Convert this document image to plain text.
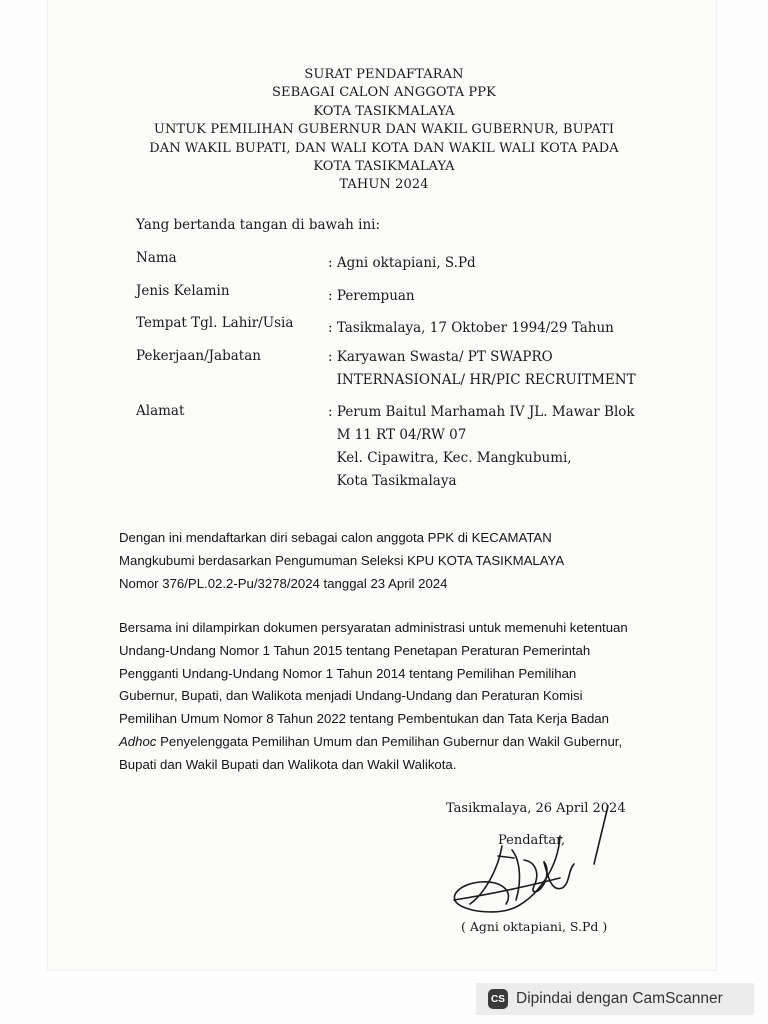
SURAT PENDAFTARAN
SEBAGAI CALON ANGGOTA PPK
KOTA TASIKMALAYA
UNTUK PEMILIHAN GUBERNUR DAN WAKIL GUBERNUR, BUPATI
DAN WAKIL BUPATI, DAN WALI KOTA DAN WAKIL WALI KOTA PADA
KOTA TASIKMALAYA
TAHUN 2024
Yang bertanda tangan di bawah ini:
Nama	: Agni oktapiani, S.Pd
Jenis Kelamin	: Perempuan
Tempat Tgl. Lahir/Usia	: Tasikmalaya, 17 Oktober 1994/29 Tahun
Pekerjaan/Jabatan	: Karyawan Swasta/ PT SWAPRO
INTERNASIONAL/ HR/PIC RECRUITMENT
Alamat	: Perum Baitul Marhamah IV JL. Mawar Blok
M 11 RT 04/RW 07
Kel. Cipawitra, Kec. Mangkubumi,
Kota Tasikmalaya
Dengan ini mendaftarkan diri sebagai calon anggota PPK di KECAMATAN
Mangkubumi berdasarkan Pengumuman Seleksi KPU KOTA TASIKMALAYA
Nomor 376/PL.02.2-Pu/3278/2024 tanggal 23 April 2024
Bersama ini dilampirkan dokumen persyaratan administrasi untuk memenuhi ketentuan
Undang-Undang Nomor 1 Tahun 2015 tentang Penetapan Peraturan Pemerintah
Pengganti Undang-Undang Nomor 1 Tahun 2014 tentang Pemilihan Pemilihan
Gubernur, Bupati, dan Walikota menjadi Undang-Undang dan Peraturan Komisi
Pemilihan Umum Nomor 8 Tahun 2022 tentang Pembentukan dan Tata Kerja Badan
Adhoc Penyelenggata Pemilihan Umum dan Pemilihan Gubernur dan Wakil Gubernur,
Bupati dan Wakil Bupati dan Walikota dan Wakil Walikota.
Tasikmalaya, 26 April 2024
Pendaftar,
( Agni oktapiani, S.Pd )
CS Dipindai dengan CamScanner
